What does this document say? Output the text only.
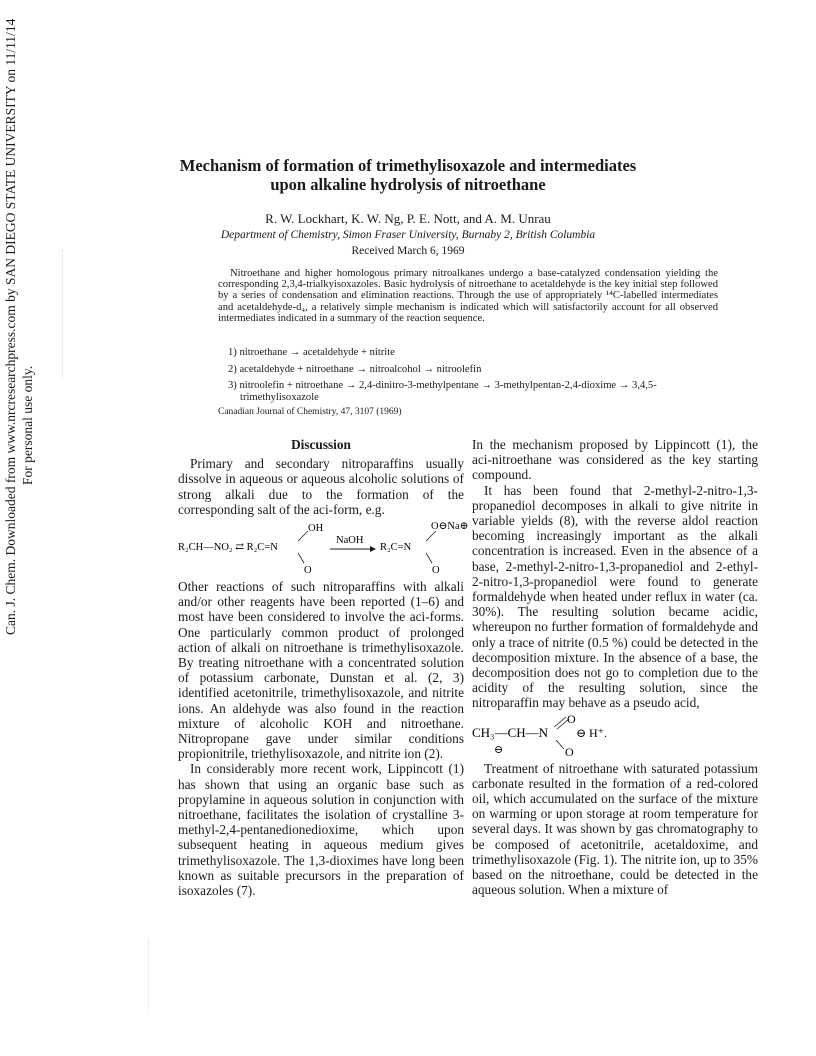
Can. J. Chem. Downloaded from www.nrcresearchpress.com by SAN DIEGO STATE UNIVERSITY on 11/11/14 For personal use only.
Mechanism of formation of trimethylisoxazole and intermediates
upon alkaline hydrolysis of nitroethane
R. W. Lockhart, K. W. Ng, P. E. Nott, and A. M. Unrau
Department of Chemistry, Simon Fraser University, Burnaby 2, British Columbia
Received March 6, 1969

Nitroethane and higher homologous primary nitroalkanes undergo a base-catalyzed condensation yielding the corresponding 2,3,4-trialkyisoxazoles. Basic hydrolysis of nitroethane to acetaldehyde is the key initial step followed by a series of condensation and elimination reactions. Through the use of appropriately ¹⁴C-labelled intermediates and acetaldehyde-d₄, a relatively simple mechanism is indicated which will satisfactorily account for all observed intermediates indicated in a summary of the reaction sequence.

1) nitroethane → acetaldehyde + nitrite
2) acetaldehyde + nitroethane → nitroalcohol → nitroolefin
3) nitroolefin + nitroethane → 2,4-dinitro-3-methylpentane → 3-methylpentan-2,4-dioxime → 3,4,5-trimethylisoxazole
Canadian Journal of Chemistry, 47, 3107 (1969)
Discussion

Primary and secondary nitroparaffins usually dissolve in aqueous or aqueous alcoholic solutions of strong alkali due to the formation of the corresponding salt of the aci-form, e.g.

R₂CH—NO₂ ⇄ R₂C=N
OH
O
NaOH
R₂C=N
O⊖Na⊕
O

Other reactions of such nitroparaffins with alkali and/or other reagents have been reported (1–6) and most have been considered to involve the aci-forms. One particularly common product of prolonged action of alkali on nitroethane is trimethylisoxazole. By treating nitroethane with a concentrated solution of potassium carbonate, Dunstan et al. (2, 3) identified acetonitrile, trimethylisoxazole, and nitrite ions. An aldehyde was also found in the reaction mixture of alcoholic KOH and nitroethane. Nitropropane gave under similar conditions propionitrile, triethylisoxazole, and nitrite ion (2).

In considerably more recent work, Lippincott (1) has shown that using an organic base such as propylamine in aqueous solution in conjunction with nitroethane, facilitates the isolation of crystalline 3-methyl-2,4-pentanedionedioxime, which upon subsequent heating in aqueous medium gives trimethylisoxazole. The 1,3-dioximes have long been known as suitable precursors in the preparation of isoxazoles (7).

In the mechanism proposed by Lippincott (1), the aci-nitroethane was considered as the key starting compound.

It has been found that 2-methyl-2-nitro-1,3-propanediol decomposes in alkali to give nitrite in variable yields (8), with the reverse aldol reaction becoming increasingly important as the alkali concentration is increased. Even in the absence of a base, 2-methyl-2-nitro-1,3-propanediol and 2-ethyl-2-nitro-1,3-propanediol were found to generate formaldehyde when heated under reflux in water (ca. 30%). The resulting solution became acidic, whereupon no further formation of formaldehyde and only a trace of nitrite (0.5 %) could be detected in the decomposition mixture. In the absence of a base, the decomposition does not go to completion due to the acidity of the resulting solution, since the nitroparaffin may behave as a pseudo acid,

CH₃—CH—N
⊖
O
O
⊖ H⁺.

Treatment of nitroethane with saturated potassium carbonate resulted in the formation of a red-colored oil, which accumulated on the surface of the mixture on warming or upon storage at room temperature for several days. It was shown by gas chromatography to be composed of acetonitrile, acetaldoxime, and trimethylisoxazole (Fig. 1). The nitrite ion, up to 35% based on the nitroethane, could be detected in the aqueous solution. When a mixture of
